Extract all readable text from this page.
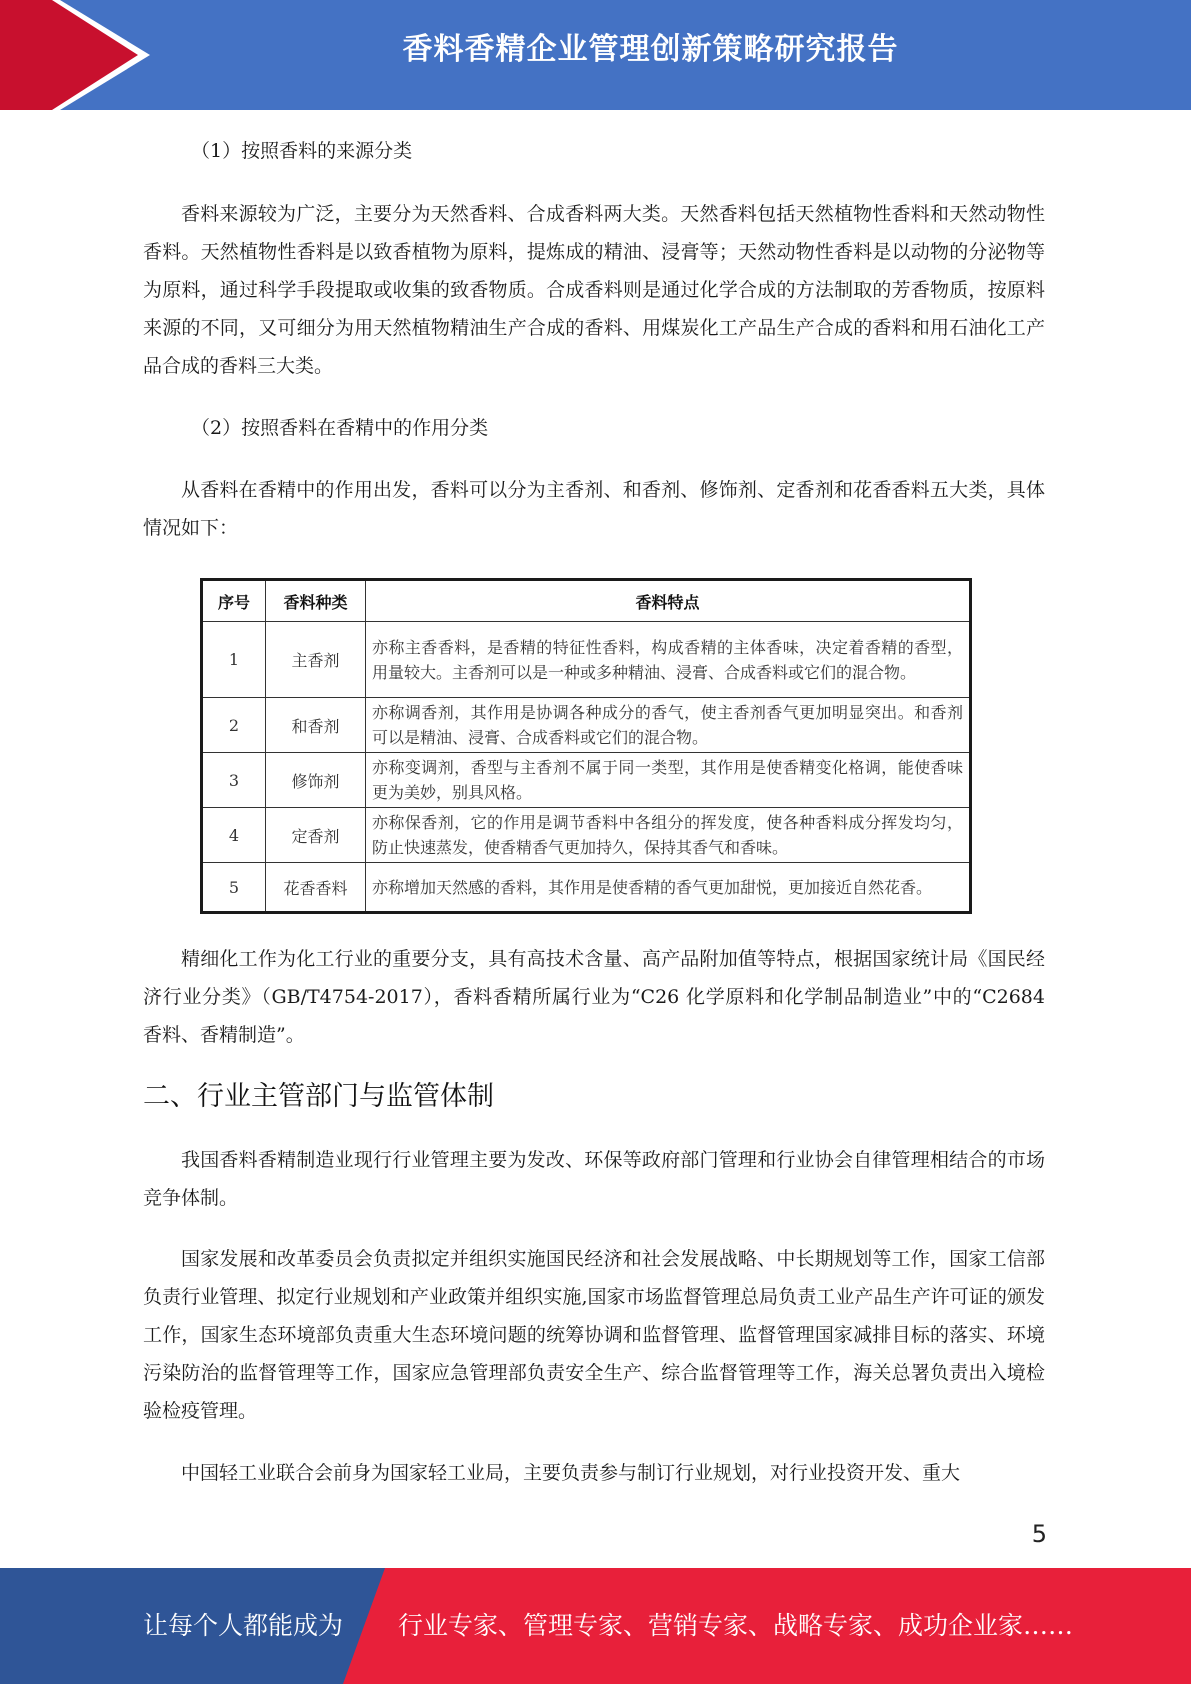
香料香精企业管理创新策略研究报告
（1）按照香料的来源分类

香料来源较为广泛，主要分为天然香料、合成香料两大类。天然香料包括天然植物性香料和天然动物性香料。天然植物性香料是以致香植物为原料，提炼成的精油、浸膏等；天然动物性香料是以动物的分泌物等为原料，通过科学手段提取或收集的致香物质。合成香料则是通过化学合成的方法制取的芳香物质，按原料来源的不同，又可细分为用天然植物精油生产合成的香料、用煤炭化工产品生产合成的香料和用石油化工产品合成的香料三大类。

（2）按照香料在香精中的作用分类

从香料在香精中的作用出发，香料可以分为主香剂、和香剂、修饰剂、定香剂和花香香料五大类，具体情况如下：

精细化工作为化工行业的重要分支，具有高技术含量、高产品附加值等特点，根据国家统计局《国民经济行业分类》（GB/T4754-2017），香料香精所属行业为“C26 化学原料和化学制品制造业”中的“C2684 香料、香精制造”。

二、行业主管部门与监管体制

我国香料香精制造业现行行业管理主要为发改、环保等政府部门管理和行业协会自律管理相结合的市场竞争体制。

国家发展和改革委员会负责拟定并组织实施国民经济和社会发展战略、中长期规划等工作，国家工信部负责行业管理、拟定行业规划和产业政策并组织实施,国家市场监督管理总局负责工业产品生产许可证的颁发工作，国家生态环境部负责重大生态环境问题的统筹协调和监督管理、监督管理国家减排目标的落实、环境污染防治的监督管理等工作，国家应急管理部负责安全生产、综合监督管理等工作，海关总署负责出入境检验检疫管理。

中国轻工业联合会前身为国家轻工业局，主要负责参与制订行业规划，对行业投资开发、重大

序号	香料种类	香料特点
1	主香剂	亦称主香香料，是香精的特征性香料，构成香精的主体香味，决定着香精的香型，用量较大。主香剂可以是一种或多种精油、浸膏、合成香料或它们的混合物。
2	和香剂	亦称调香剂，其作用是协调各种成分的香气，使主香剂香气更加明显突出。和香剂可以是精油、浸膏、合成香料或它们的混合物。
3	修饰剂	亦称变调剂，香型与主香剂不属于同一类型，其作用是使香精变化格调，能使香味更为美妙，别具风格。
4	定香剂	亦称保香剂，它的作用是调节香料中各组分的挥发度，使各种香料成分挥发均匀，防止快速蒸发，使香精香气更加持久，保持其香气和香味。
5	花香香料	亦称增加天然感的香料，其作用是使香精的香气更加甜悦，更加接近自然花香。
5
让每个人都能成为 行业专家、管理专家、营销专家、战略专家、成功企业家……
